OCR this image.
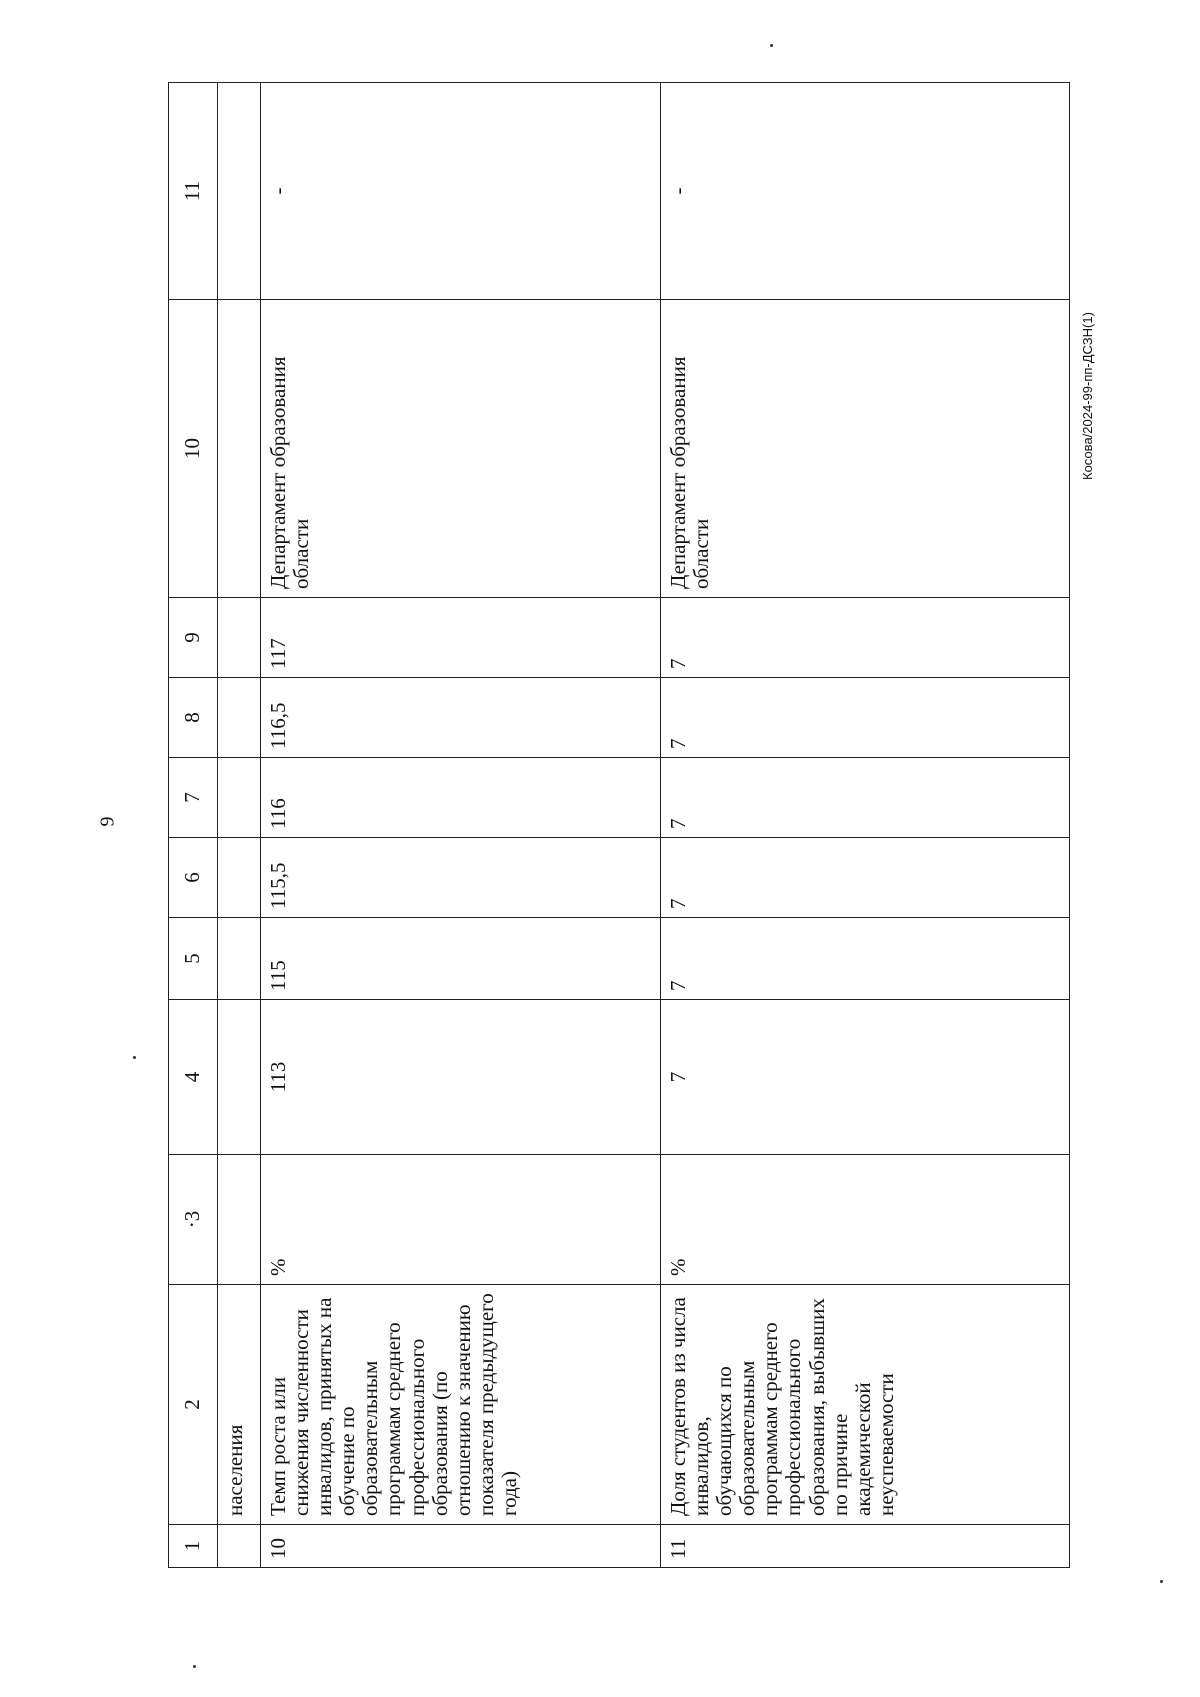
9
Косова/2024-99-пп-ДСЗН(1)
1	2	·3	4	5	6	7	8	9	10	11
	населения									
10	Темп роста или снижения численности инвалидов, принятых на обучение по образовательным программам среднего профессионального образования (по отношению к значению показателя предыдущего года)	%	113	115	115,5	116	116,5	117	Департамент образования области	-
11	Доля студентов из числа инвалидов, обучающихся по образовательным программам среднего профессионального образования, выбывших по причине академической неуспеваемости	%	7	7	7	7	7	7	Департамент образования области	-
